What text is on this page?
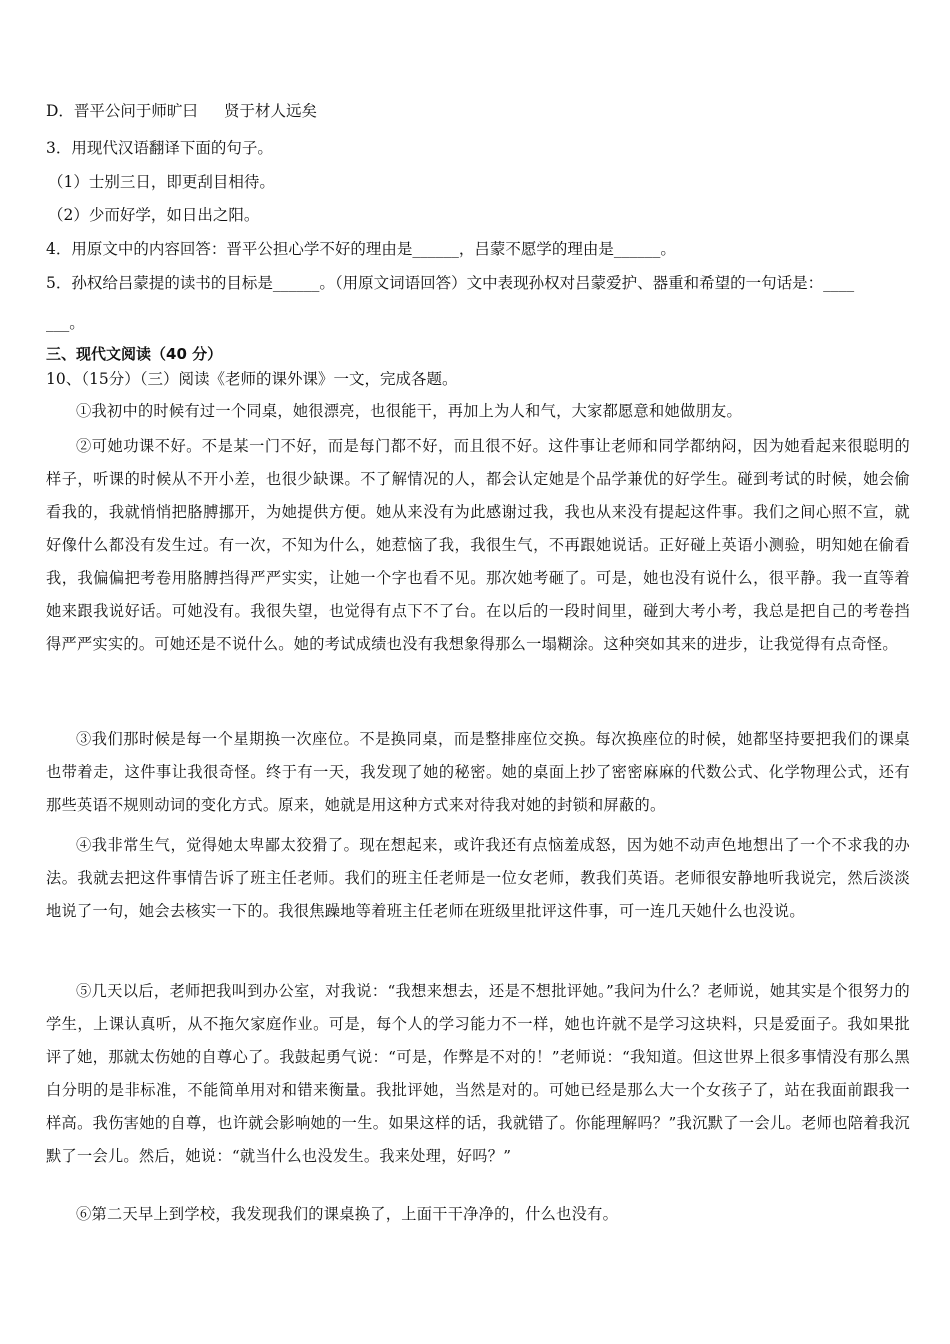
D．晋平公问于师旷曰 贤于材人远矣
3．用现代汉语翻译下面的句子。
（1）士别三日，即更刮目相待。
（2）少而好学，如日出之阳。
4．用原文中的内容回答：晋平公担心学不好的理由是______，吕蒙不愿学的理由是______。
5．孙权给吕蒙提的读书的目标是______。（用原文词语回答）文中表现孙权对吕蒙爱护、器重和希望的一句话是：____
___。
三、现代文阅读（40 分）
10、（15分）（三）阅读《老师的课外课》一文，完成各题。
①我初中的时候有过一个同桌，她很漂亮，也很能干，再加上为人和气，大家都愿意和她做朋友。
②可她功课不好。不是某一门不好，而是每门都不好，而且很不好。这件事让老师和同学都纳闷，因为她看起来很聪明的样子，听课的时候从不开小差，也很少缺课。不了解情况的人，都会认定她是个品学兼优的好学生。碰到考试的时候，她会偷看我的，我就悄悄把胳膊挪开，为她提供方便。她从来没有为此感谢过我，我也从来没有提起这件事。我们之间心照不宣，就好像什么都没有发生过。有一次，不知为什么，她惹恼了我，我很生气，不再跟她说话。正好碰上英语小测验，明知她在偷看我，我偏偏把考卷用胳膊挡得严严实实，让她一个字也看不见。那次她考砸了。可是，她也没有说什么，很平静。我一直等着她来跟我说好话。可她没有。我很失望，也觉得有点下不了台。在以后的一段时间里，碰到大考小考，我总是把自己的考卷挡得严严实实的。可她还是不说什么。她的考试成绩也没有我想象得那么一塌糊涂。这种突如其来的进步，让我觉得有点奇怪。
③我们那时候是每一个星期换一次座位。不是换同桌，而是整排座位交换。每次换座位的时候，她都坚持要把我们的课桌也带着走，这件事让我很奇怪。终于有一天，我发现了她的秘密。她的桌面上抄了密密麻麻的代数公式、化学物理公式，还有那些英语不规则动词的变化方式。原来，她就是用这种方式来对待我对她的封锁和屏蔽的。
④我非常生气，觉得她太卑鄙太狡猾了。现在想起来，或许我还有点恼羞成怒，因为她不动声色地想出了一个不求我的办法。我就去把这件事情告诉了班主任老师。我们的班主任老师是一位女老师，教我们英语。老师很安静地听我说完，然后淡淡地说了一句，她会去核实一下的。我很焦躁地等着班主任老师在班级里批评这件事，可一连几天她什么也没说。
⑤几天以后，老师把我叫到办公室，对我说：“我想来想去，还是不想批评她。”我问为什么？老师说，她其实是个很努力的学生，上课认真听，从不拖欠家庭作业。可是，每个人的学习能力不一样，她也许就不是学习这块料，只是爱面子。我如果批评了她，那就太伤她的自尊心了。我鼓起勇气说：“可是，作弊是不对的！”老师说：“我知道。但这世界上很多事情没有那么黑白分明的是非标准，不能简单用对和错来衡量。我批评她，当然是对的。可她已经是那么大一个女孩子了，站在我面前跟我一样高。我伤害她的自尊，也许就会影响她的一生。如果这样的话，我就错了。你能理解吗？”我沉默了一会儿。老师也陪着我沉默了一会儿。然后，她说：“就当什么也没发生。我来处理，好吗？”
⑥第二天早上到学校，我发现我们的课桌换了，上面干干净净的，什么也没有。
